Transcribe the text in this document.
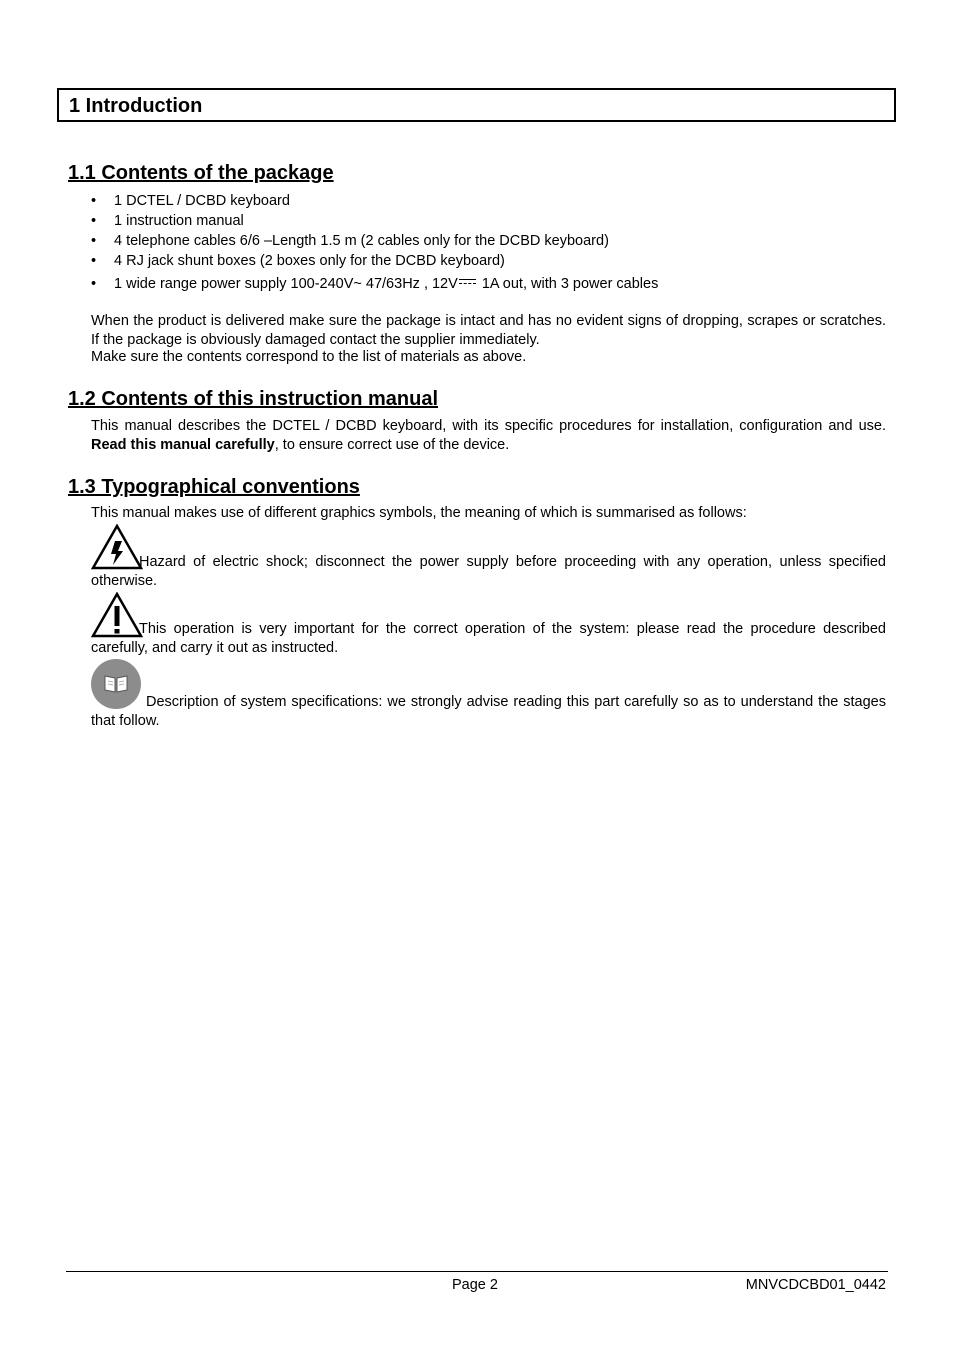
1 Introduction
1.1 Contents of the package
• 1 DCTEL / DCBD keyboard
• 1 instruction manual
• 4 telephone cables 6/6 –Length 1.5 m (2 cables only for the DCBD keyboard)
• 4 RJ jack shunt boxes (2 boxes only for the DCBD keyboard)
• 1 wide range power supply 100-240V~ 47/63Hz , 12V 1A out, with 3 power cables

When the product is delivered make sure the package is intact and has no evident signs of dropping, scrapes or scratches. If the package is obviously damaged contact the supplier immediately.

Make sure the contents correspond to the list of materials as above.

1.2 Contents of this instruction manual

This manual describes the DCTEL / DCBD keyboard, with its specific procedures for installation, configuration and use. Read this manual carefully, to ensure correct use of the device.

1.3 Typographical conventions

This manual makes use of different graphics symbols, the meaning of which is summarised as follows:

Hazard of electric shock; disconnect the power supply before proceeding with any operation, unless specified otherwise.

This operation is very important for the correct operation of the system: please read the procedure described carefully, and carry it out as instructed.

Description of system specifications: we strongly advise reading this part carefully so as to understand the stages that follow.

Page 2	MNVCDCBD01_0442
